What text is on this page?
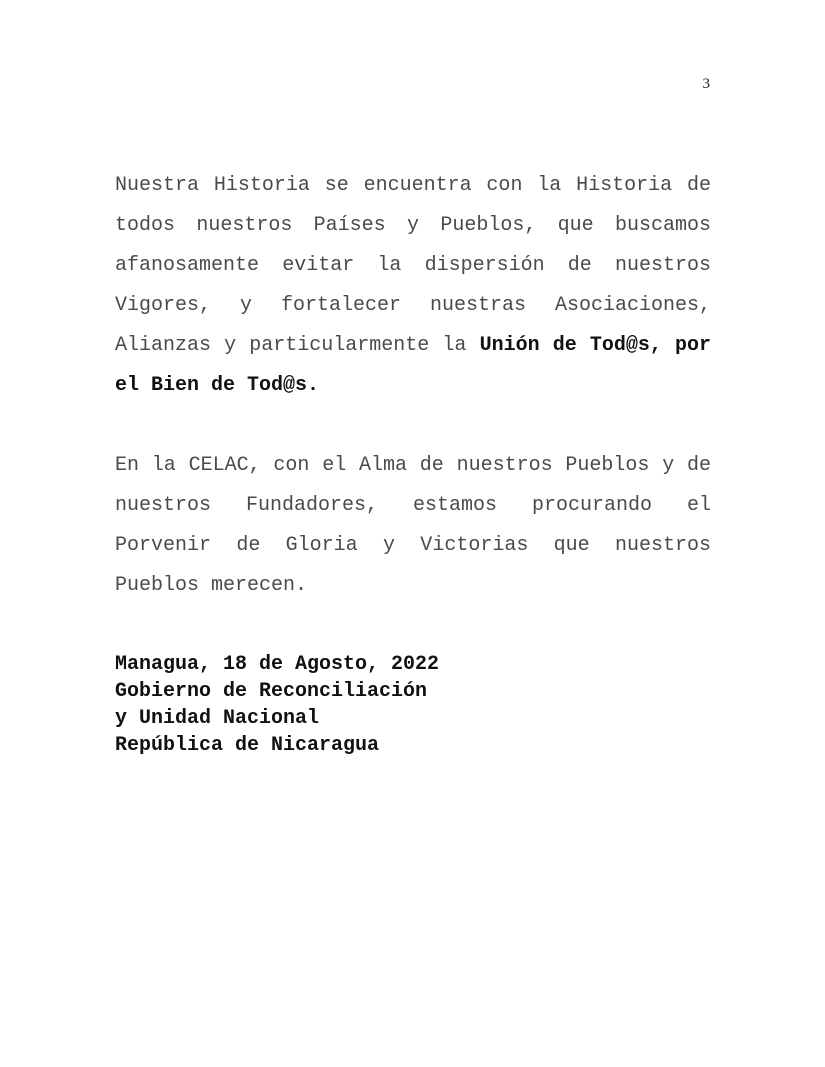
3

Nuestra Historia se encuentra con la Historia de todos nuestros Países y Pueblos, que buscamos afanosamente evitar la dispersión de nuestros Vigores, y fortalecer nuestras Asociaciones, Alianzas y particularmente la Unión de Tod@s, por el Bien de Tod@s.

En la CELAC, con el Alma de nuestros Pueblos y de nuestros Fundadores, estamos procurando el Porvenir de Gloria y Victorias que nuestros Pueblos merecen.

Managua, 18 de Agosto, 2022
Gobierno de Reconciliación
y Unidad Nacional
República de Nicaragua
